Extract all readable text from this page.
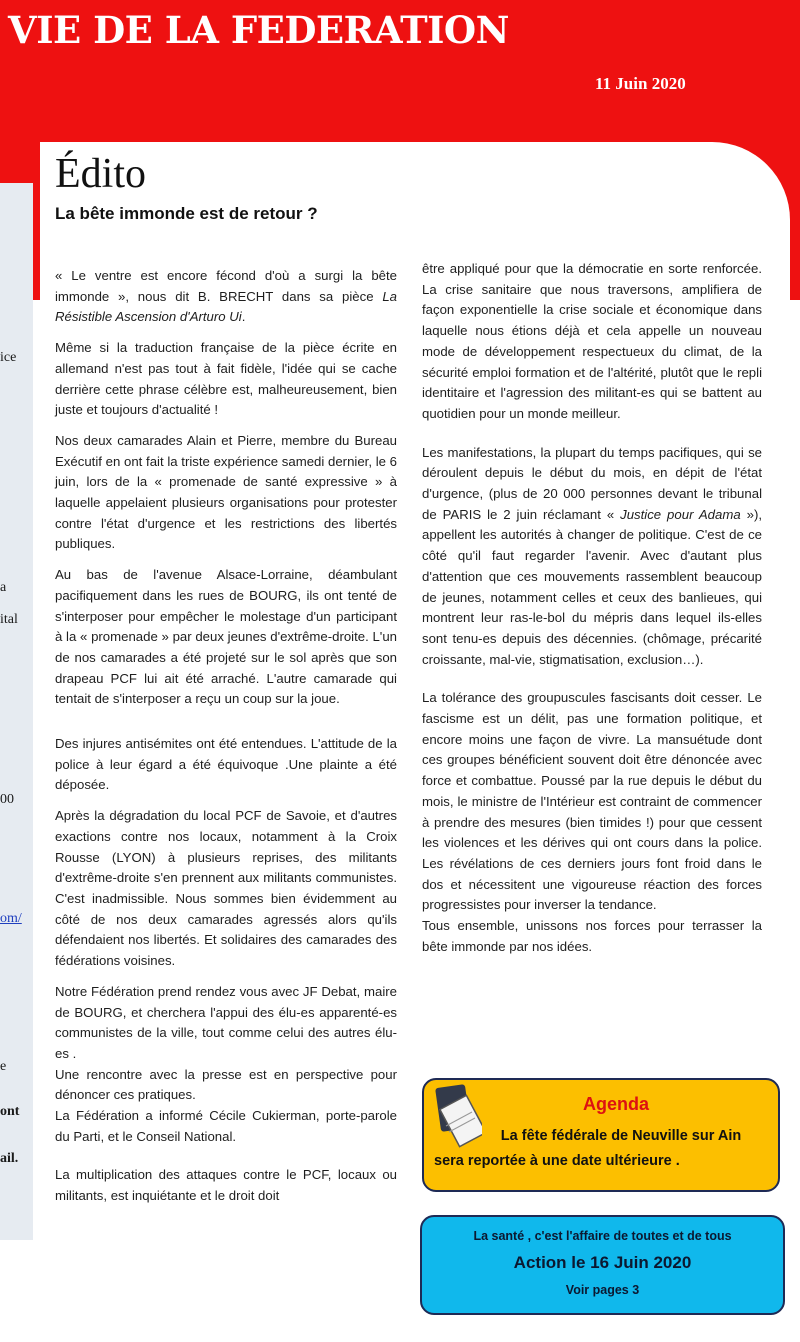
VIE DE LA FEDERATION
11 Juin 2020
ice
a
ital
00
om/
e
ont
ail.
Édito
La bête immonde est de retour ?

« Le ventre est encore fécond d'où a surgi la bête immonde », nous dit B. BRECHT dans sa pièce La Résistible Ascension d'Arturo Ui.

Même si la traduction française de la pièce écrite en allemand n'est pas tout à fait fidèle, l'idée qui se cache derrière cette phrase célèbre est, malheureusement, bien juste et toujours d'actualité !

Nos deux camarades Alain et Pierre, membre du Bureau Exécutif en ont fait la triste expérience samedi dernier, le 6 juin, lors de la « promenade de santé expressive » à laquelle appelaient plusieurs organisations pour protester contre l'état d'urgence et les restrictions des libertés publiques.

Au bas de l'avenue Alsace-Lorraine, déambulant pacifiquement dans les rues de BOURG, ils ont tenté de s'interposer pour empêcher le molestage d'un participant à la « promenade » par deux jeunes d'extrême-droite. L'un de nos camarades a été projeté sur le sol après que son drapeau PCF lui ait été arraché. L'autre camarade qui tentait de s'interposer a reçu un coup sur la joue.

Des injures antisémites ont été entendues. L'attitude de la police à leur égard a été équivoque .Une plainte a été déposée.

Après la dégradation du local PCF de Savoie, et d'autres exactions contre nos locaux, notamment à la Croix Rousse (LYON) à plusieurs reprises, des militants d'extrême-droite s'en prennent aux militants communistes. C'est inadmissible. Nous sommes bien évidemment au côté de nos deux camarades agressés alors qu'ils défendaient nos libertés. Et solidaires des camarades des fédérations voisines.

Notre Fédération prend rendez vous avec JF Debat, maire de BOURG, et cherchera l'appui des élu-es apparenté-es communistes de la ville, tout comme celui des autres élu-es .

Une rencontre avec la presse est en perspective pour dénoncer ces pratiques.

La Fédération a informé Cécile Cukierman, porte-parole du Parti, et le Conseil National.

La multiplication des attaques contre le PCF, locaux ou militants, est inquiétante et le droit doit

être appliqué pour que la démocratie en sorte renforcée. La crise sanitaire que nous traversons, amplifiera de façon exponentielle la crise sociale et économique dans laquelle nous étions déjà et cela appelle un nouveau mode de développement respectueux du climat, de la sécurité emploi formation et de l'altérité, plutôt que le repli identitaire et l'agression des militant-es qui se battent au quotidien pour un monde meilleur.

Les manifestations, la plupart du temps pacifiques, qui se déroulent depuis le début du mois, en dépit de l'état d'urgence, (plus de 20 000 personnes devant le tribunal de PARIS le 2 juin réclamant « Justice pour Adama »), appellent les autorités à changer de politique. C'est de ce côté qu'il faut regarder l'avenir. Avec d'autant plus d'attention que ces mouvements rassemblent beaucoup de jeunes, notamment celles et ceux des banlieues, qui montrent leur ras-le-bol du mépris dans lequel ils-elles sont tenu-es depuis des décennies. (chômage, précarité croissante, mal-vie, stigmatisation, exclusion…).

La tolérance des groupuscules fascisants doit cesser. Le fascisme est un délit, pas une formation politique, et encore moins une façon de vivre. La mansuétude dont ces groupes bénéficient souvent doit être dénoncée avec force et combattue. Poussé par la rue depuis le début du mois, le ministre de l'Intérieur est contraint de commencer à prendre des mesures (bien timides !) pour que cessent les violences et les dérives qui ont cours dans la police. Les révélations de ces derniers jours font froid dans le dos et nécessitent une vigoureuse réaction des forces progressistes pour inverser la tendance.

Tous ensemble, unissons nos forces pour terrasser la bête immonde par nos idées.

Agenda
La fête fédérale de Neuville sur Ain
sera reportée à une date ultérieure .
La santé , c'est l'affaire de toutes et de tous
Action le 16 Juin 2020
Voir pages 3
